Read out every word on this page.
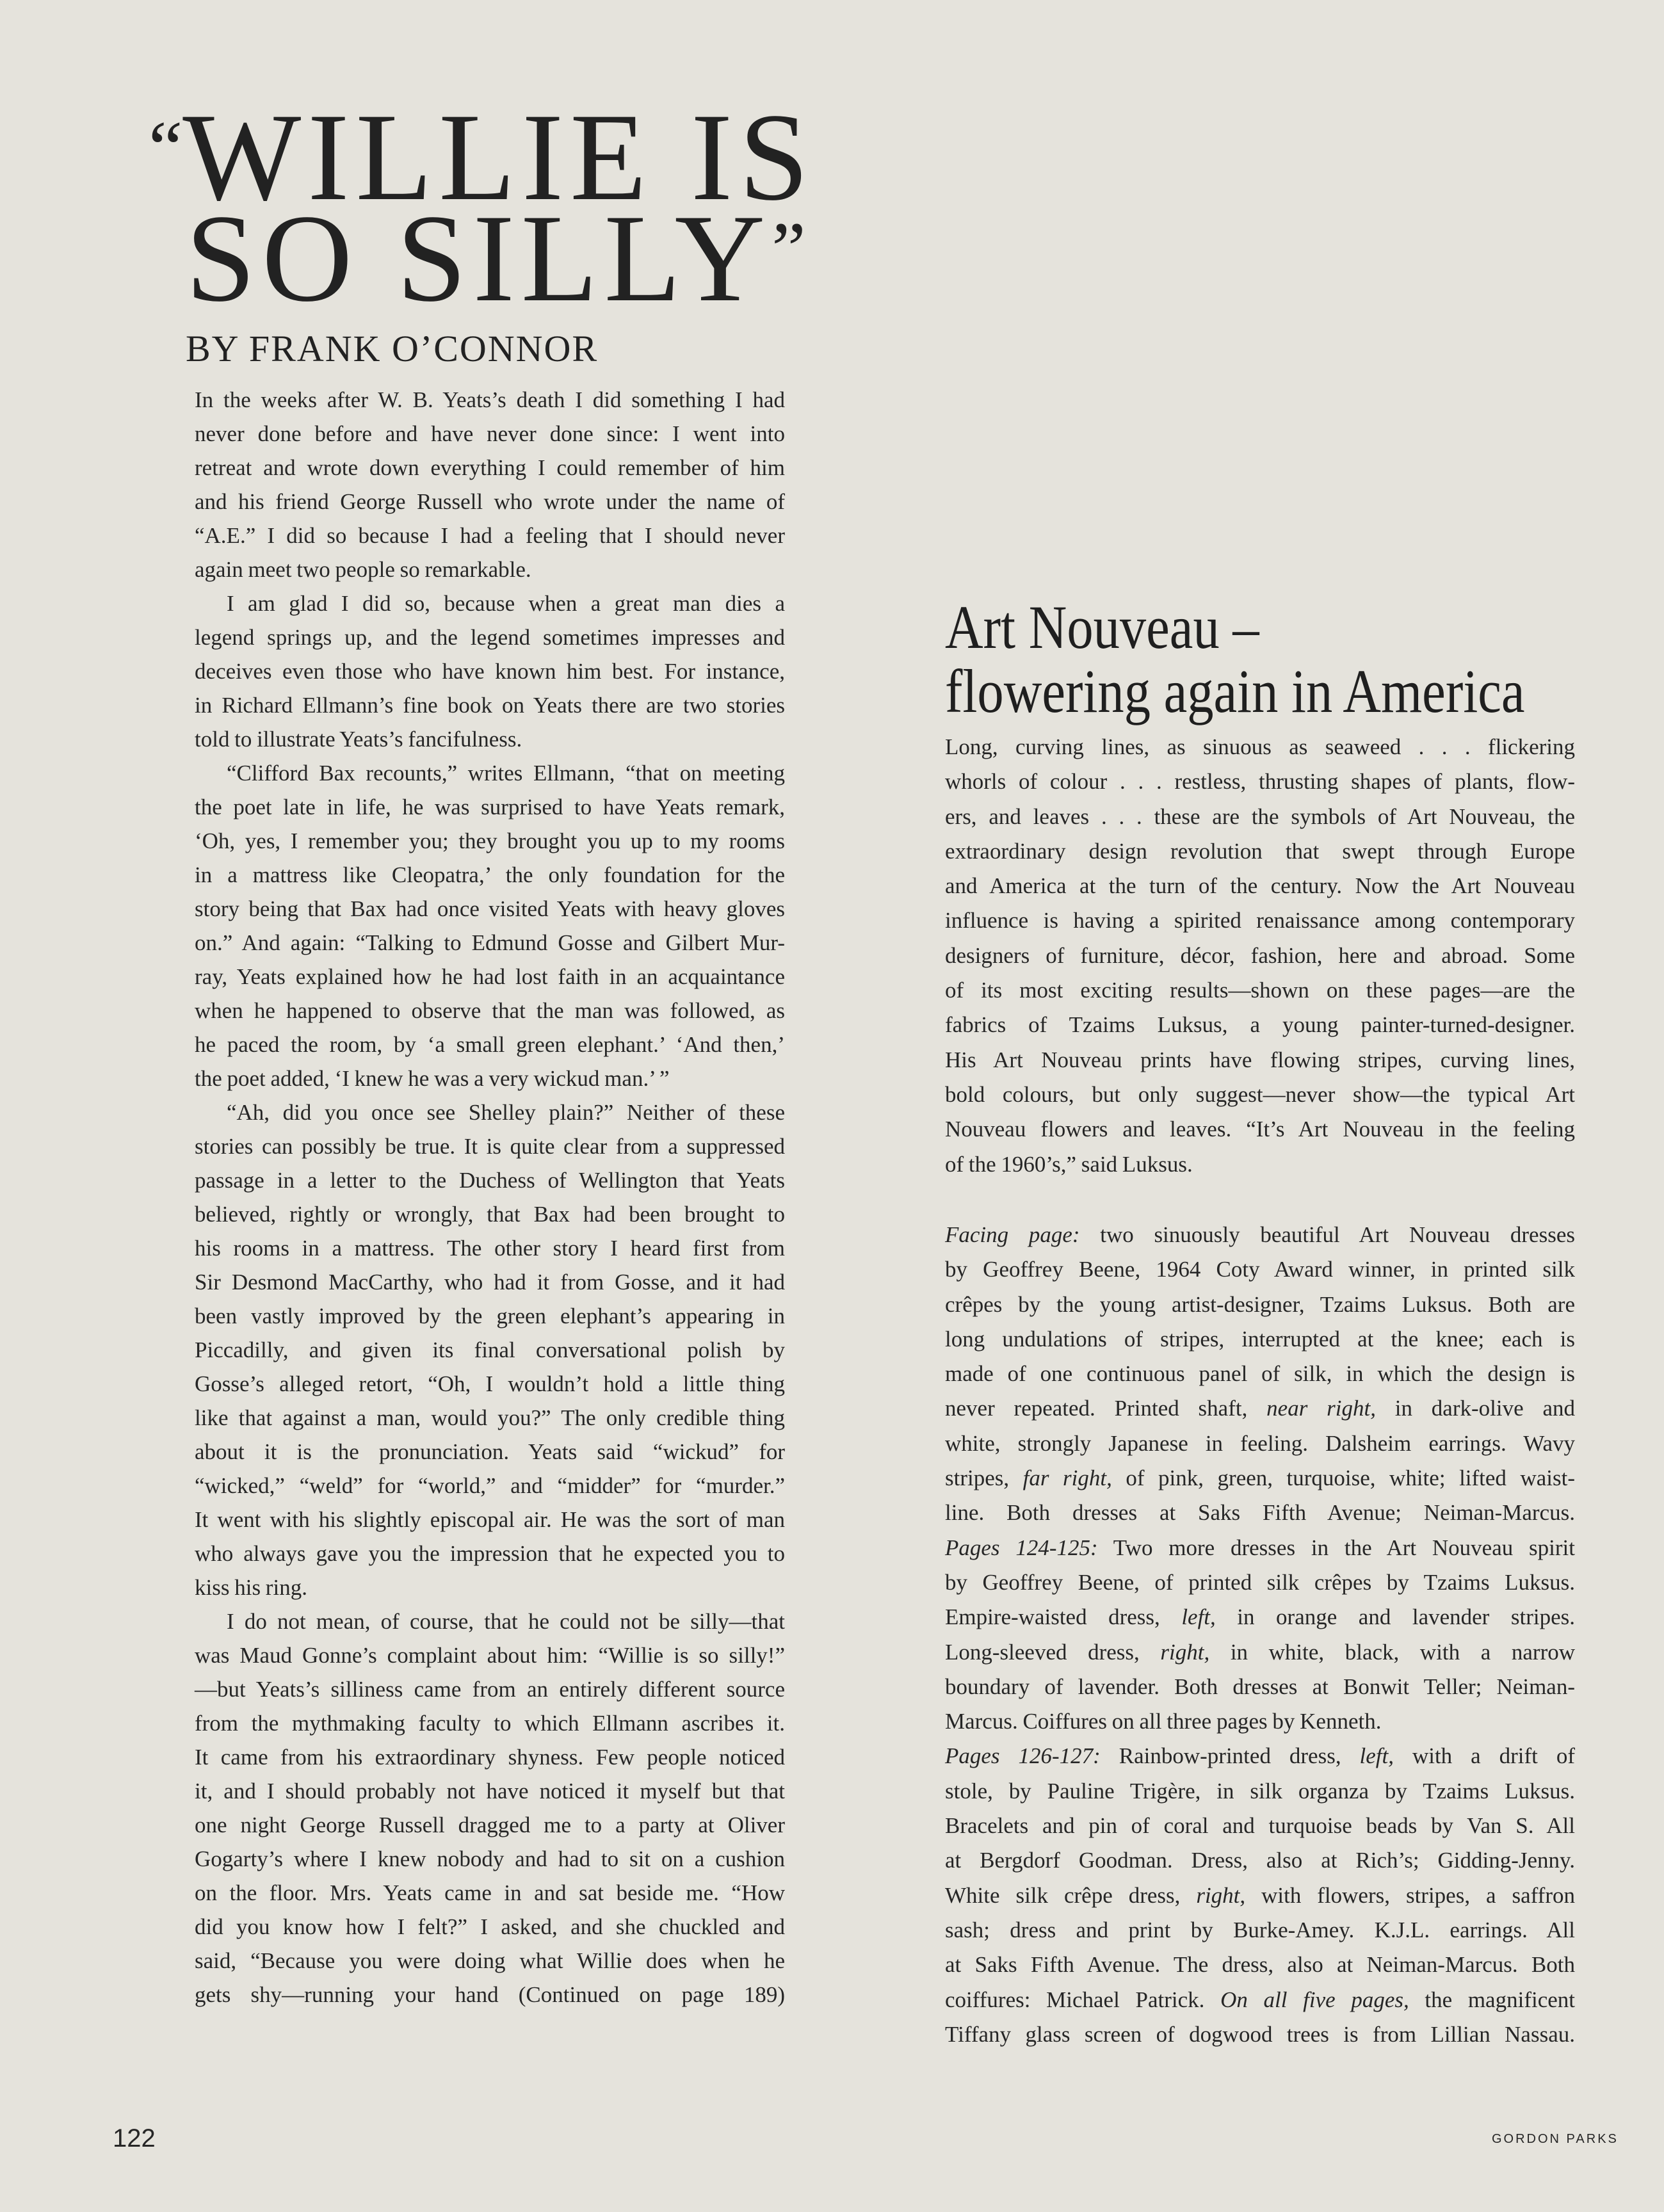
“WILLIE IS
SO SILLY”
BY FRANK O’CONNOR
In the weeks after W. B. Yeats’s death I did something I had
never done before and have never done since: I went into
retreat and wrote down everything I could remember of him
and his friend George Russell who wrote under the name of
“A.E.” I did so because I had a feeling that I should never
again meet two people so remarkable.
I am glad I did so, because when a great man dies a
legend springs up, and the legend sometimes impresses and
deceives even those who have known him best. For instance,
in Richard Ellmann’s fine book on Yeats there are two stories
told to illustrate Yeats’s fancifulness.
“Clifford Bax recounts,” writes Ellmann, “that on meeting
the poet late in life, he was surprised to have Yeats remark,
‘Oh, yes, I remember you; they brought you up to my rooms
in a mattress like Cleopatra,’ the only foundation for the
story being that Bax had once visited Yeats with heavy gloves
on.” And again: “Talking to Edmund Gosse and Gilbert Mur-
ray, Yeats explained how he had lost faith in an acquaintance
when he happened to observe that the man was followed, as
he paced the room, by ‘a small green elephant.’ ‘And then,’
the poet added, ‘I knew he was a very wickud man.’ ”
“Ah, did you once see Shelley plain?” Neither of these
stories can possibly be true. It is quite clear from a suppressed
passage in a letter to the Duchess of Wellington that Yeats
believed, rightly or wrongly, that Bax had been brought to
his rooms in a mattress. The other story I heard first from
Sir Desmond MacCarthy, who had it from Gosse, and it had
been vastly improved by the green elephant’s appearing in
Piccadilly, and given its final conversational polish by
Gosse’s alleged retort, “Oh, I wouldn’t hold a little thing
like that against a man, would you?” The only credible thing
about it is the pronunciation. Yeats said “wickud” for
“wicked,” “weld” for “world,” and “midder” for “murder.”
It went with his slightly episcopal air. He was the sort of man
who always gave you the impression that he expected you to
kiss his ring.
I do not mean, of course, that he could not be silly—that
was Maud Gonne’s complaint about him: “Willie is so silly!”
—but Yeats’s silliness came from an entirely different source
from the mythmaking faculty to which Ellmann ascribes it.
It came from his extraordinary shyness. Few people noticed
it, and I should probably not have noticed it myself but that
one night George Russell dragged me to a party at Oliver
Gogarty’s where I knew nobody and had to sit on a cushion
on the floor. Mrs. Yeats came in and sat beside me. “How
did you know how I felt?” I asked, and she chuckled and
said, “Because you were doing what Willie does when he
gets shy—running your hand (Continued on page 189)
Art Nouveau –
flowering again in America
Long, curving lines, as sinuous as seaweed . . . flickering
whorls of colour . . . restless, thrusting shapes of plants, flow-
ers, and leaves . . . these are the symbols of Art Nouveau, the
extraordinary design revolution that swept through Europe
and America at the turn of the century. Now the Art Nouveau
influence is having a spirited renaissance among contemporary
designers of furniture, décor, fashion, here and abroad. Some
of its most exciting results—shown on these pages—are the
fabrics of Tzaims Luksus, a young painter-turned-designer.
His Art Nouveau prints have flowing stripes, curving lines,
bold colours, but only suggest—never show—the typical Art
Nouveau flowers and leaves. “It’s Art Nouveau in the feeling
of the 1960’s,” said Luksus.
Facing page: two sinuously beautiful Art Nouveau dresses
by Geoffrey Beene, 1964 Coty Award winner, in printed silk
crêpes by the young artist-designer, Tzaims Luksus. Both are
long undulations of stripes, interrupted at the knee; each is
made of one continuous panel of silk, in which the design is
never repeated. Printed shaft, near right, in dark-olive and
white, strongly Japanese in feeling. Dalsheim earrings. Wavy
stripes, far right, of pink, green, turquoise, white; lifted waist-
line. Both dresses at Saks Fifth Avenue; Neiman-Marcus.
Pages 124-125: Two more dresses in the Art Nouveau spirit
by Geoffrey Beene, of printed silk crêpes by Tzaims Luksus.
Empire-waisted dress, left, in orange and lavender stripes.
Long-sleeved dress, right, in white, black, with a narrow
boundary of lavender. Both dresses at Bonwit Teller; Neiman-
Marcus. Coiffures on all three pages by Kenneth.
Pages 126-127: Rainbow-printed dress, left, with a drift of
stole, by Pauline Trigère, in silk organza by Tzaims Luksus.
Bracelets and pin of coral and turquoise beads by Van S. All
at Bergdorf Goodman. Dress, also at Rich’s; Gidding-Jenny.
White silk crêpe dress, right, with flowers, stripes, a saffron
sash; dress and print by Burke-Amey. K.J.L. earrings. All
at Saks Fifth Avenue. The dress, also at Neiman-Marcus. Both
coiffures: Michael Patrick. On all five pages, the magnificent
Tiffany glass screen of dogwood trees is from Lillian Nassau.
122	GORDON PARKS
